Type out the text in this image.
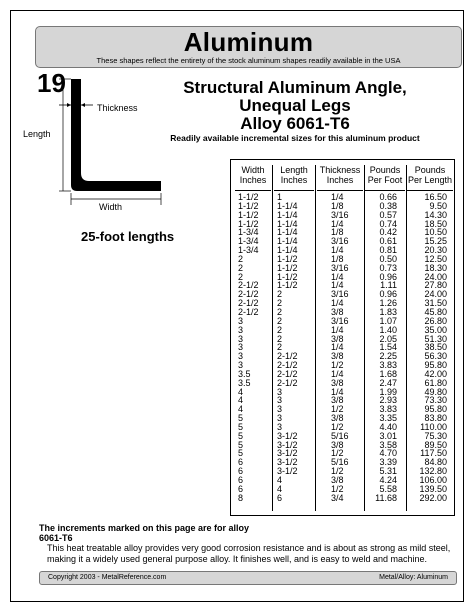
Aluminum
These shapes reflect the entirety of the stock aluminum shapes readily available in the USA
19	Structural Aluminum Angle,
Unequal Legs
Alloy 6061-T6
Readily available incremental sizes for this aluminum product
Thickness
Length
Width
25-foot lengths
Width
Inches
Length
Inches
Thickness
Inches
Pounds
Per Foot
Pounds
Per Length
1-1/2
1-1/2
1-1/2
1-1/2
1-3/4
1-3/4
1-3/4
2
2
2
2-1/2
2-1/2
2-1/2
2-1/2
3
3
3
3
3
3
3.5
3.5
4
4
4
5
5
5
5
5
6
6
6
6
8
1
1-1/4
1-1/4
1-1/4
1-1/4
1-1/4
1-1/4
1-1/2
1-1/2
1-1/2
1-1/2
2
2
2
2
2
2
2
2-1/2
2-1/2
2-1/2
2-1/2
3
3
3
3
3
3-1/2
3-1/2
3-1/2
3-1/2
3-1/2
4
4
6
1/4
1/8
3/16
1/4
1/8
3/16
1/4
1/8
3/16
1/4
1/4
3/16
1/4
3/8
3/16
1/4
3/8
1/4
3/8
1/2
1/4
3/8
1/4
3/8
1/2
3/8
1/2
5/16
3/8
1/2
5/16
1/2
3/8
1/2
3/4
0.66
0.38
0.57
0.74
0.42
0.61
0.81
0.50
0.73
0.96
1.11
0.96
1.26
1.83
1.07
1.40
2.05
1.54
2.25
3.83
1.68
2.47
1.99
2.93
3.83
3.35
4.40
3.01
3.58
4.70
3.39
5.31
4.24
5.58
11.68
16.50
9.50
14.30
18.50
10.50
15.25
20.30
12.50
18.30
24.00
27.80
24.00
31.50
45.80
26.80
35.00
51.30
38.50
56.30
95.80
42.00
61.80
49.80
73.30
95.80
83.80
110.00
75.30
89.50
117.50
84.80
132.80
106.00
139.50
292.00
The increments marked on this page are for alloy
6061-T6
This heat treatable alloy provides very good corrosion resistance and is about as strong as mild steel, making it a widely used general purpose alloy. It finishes well, and is easy to weld and machine.
Copyright 2003 - MetalReference.com	Metal/Alloy: Aluminum
